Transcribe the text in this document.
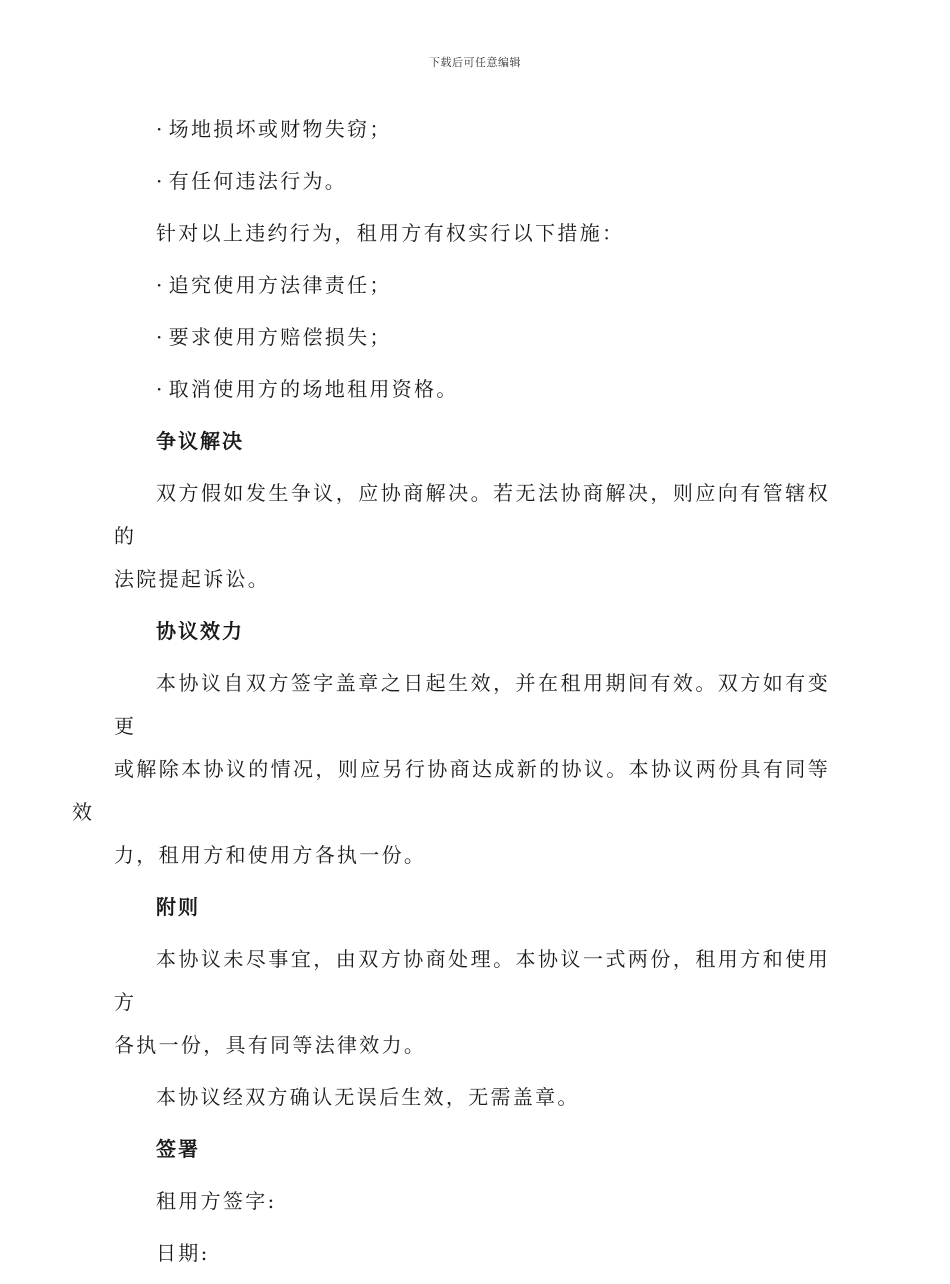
下载后可任意编辑
· 场地损坏或财物失窃；
· 有任何违法行为。
针对以上违约行为，租用方有权实行以下措施：
· 追究使用方法律责任；
· 要求使用方赔偿损失；
· 取消使用方的场地租用资格。
争议解决

双方假如发生争议，应协商解决。若无法协商解决，则应向有管辖权的
法院提起诉讼。

协议效力

本协议自双方签字盖章之日起生效，并在租用期间有效。双方如有变更
或解除本协议的情况，则应另行协商达成新的协议。本协议两份具有同等效
力，租用方和使用方各执一份。

附则

本协议未尽事宜，由双方协商处理。本协议一式两份，租用方和使用方
各执一份，具有同等法律效力。

本协议经双方确认无误后生效，无需盖章。

签署
租用方签字:
日期:
